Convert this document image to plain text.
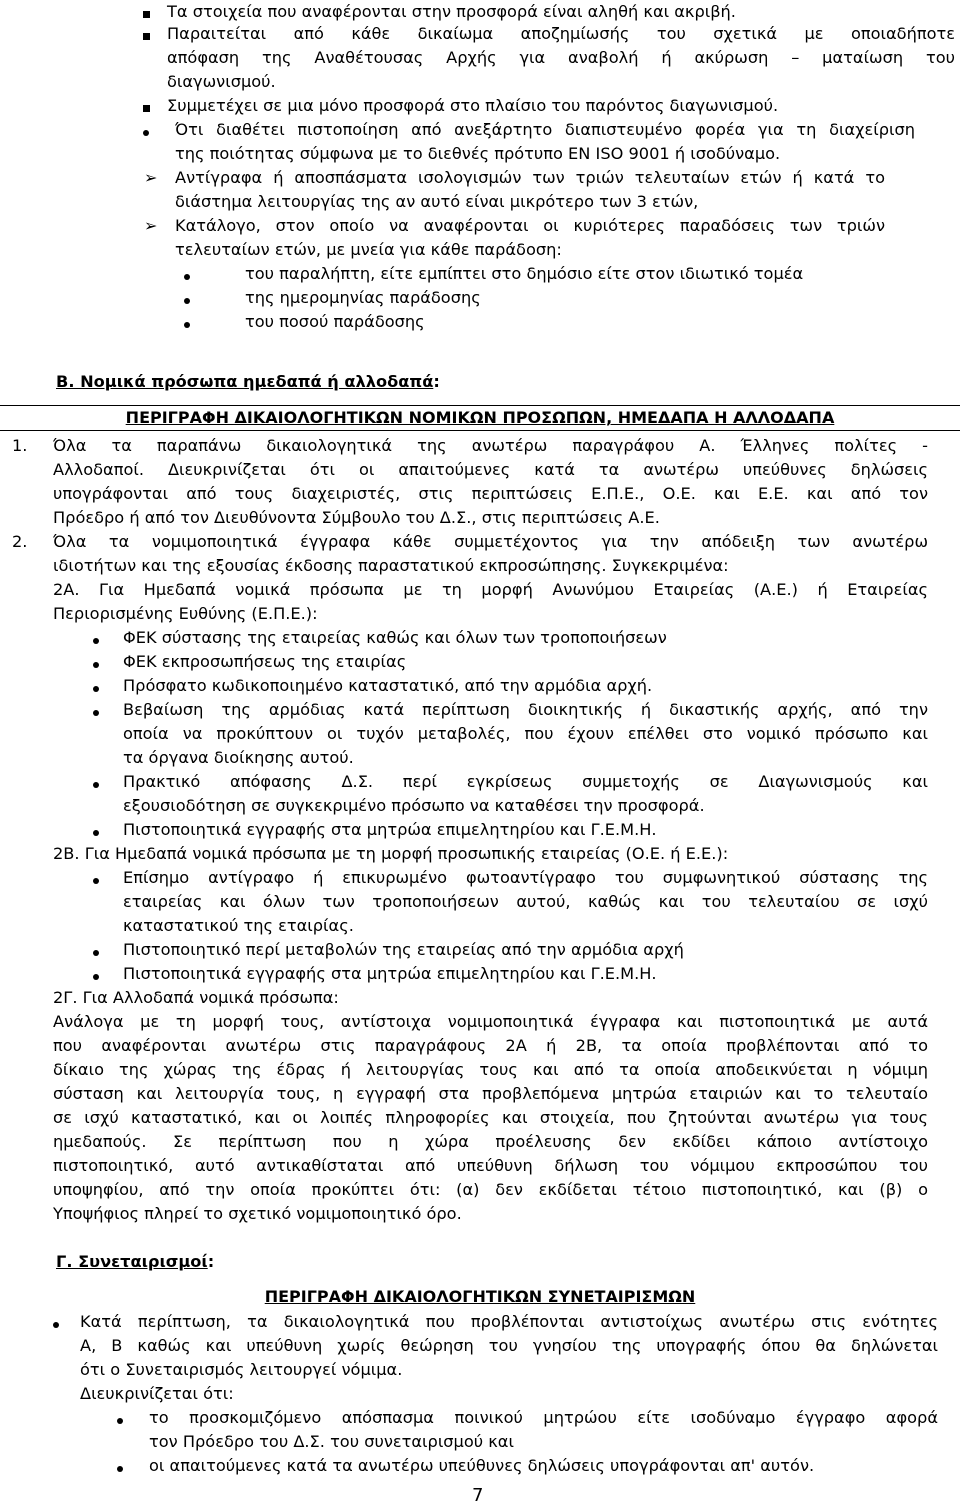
Τα στοιχεία που αναφέρονται στην προσφορά είναι αληθή και ακριβή.
Παραιτείται από κάθε δικαίωμα αποζημίωσής του σχετικά με οποιαδήποτε
απόφαση της Αναθέτουσας Αρχής για αναβολή ή ακύρωση – ματαίωση του
διαγωνισμού.
Συμμετέχει σε μια μόνο προσφορά στο πλαίσιο του παρόντος διαγωνισμού.
Ότι διαθέτει πιστοποίηση από ανεξάρτητο διαπιστευμένο φορέα για τη διαχείριση
της ποιότητας σύμφωνα με το διεθνές πρότυπο EN ISO 9001 ή ισοδύναμο.
➢ Αντίγραφα ή αποσπάσματα ισολογισμών των τριών τελευταίων ετών ή κατά το
διάστημα λειτουργίας της αν αυτό είναι μικρότερο των 3 ετών,
➢ Κατάλογο, στον οποίο να αναφέρονται οι κυριότερες παραδόσεις των τριών
τελευταίων ετών, με μνεία για κάθε παράδοση:
του παραλήπτη, είτε εμπίπτει στο δημόσιο είτε στον ιδιωτικό τομέα
της ημερομηνίας παράδοσης
του ποσού παράδοσης
Β. Νομικά πρόσωπα ημεδαπά ή αλλοδαπά:
ΠΕΡΙΓΡΑΦΗ ΔΙΚΑΙΟΛΟΓΗΤΙΚΩΝ ΝΟΜΙΚΩΝ ΠΡΟΣΩΠΩΝ, ΗΜΕΔΑΠΑ Η ΑΛΛΟΔΑΠΑ
1. Όλα τα παραπάνω δικαιολογητικά της ανωτέρω παραγράφου Α. Έλληνες πολίτες -
Αλλοδαποί. Διευκρινίζεται ότι οι απαιτούμενες κατά τα ανωτέρω υπεύθυνες δηλώσεις
υπογράφονται από τους διαχειριστές, στις περιπτώσεις Ε.Π.Ε., Ο.Ε. και Ε.Ε. και από τον
Πρόεδρο ή από τον Διευθύνοντα Σύμβουλο του Δ.Σ., στις περιπτώσεις Α.Ε.
2. Όλα τα νομιμοποιητικά έγγραφα κάθε συμμετέχοντος για την απόδειξη των ανωτέρω
ιδιοτήτων και της εξουσίας έκδοσης παραστατικού εκπροσώπησης. Συγκεκριμένα:
2Α. Για Ημεδαπά νομικά πρόσωπα με τη μορφή Ανωνύμου Εταιρείας (Α.Ε.) ή Εταιρείας
Περιορισμένης Ευθύνης (Ε.Π.Ε.):
ΦΕΚ σύστασης της εταιρείας καθώς και όλων των τροποποιήσεων
ΦΕΚ εκπροσωπήσεως της εταιρίας
Πρόσφατο κωδικοποιημένο καταστατικό, από την αρμόδια αρχή.
Βεβαίωση της αρμόδιας κατά περίπτωση διοικητικής ή δικαστικής αρχής, από την
οποία να προκύπτουν οι τυχόν μεταβολές, που έχουν επέλθει στο νομικό πρόσωπο και
τα όργανα διοίκησης αυτού.
Πρακτικό απόφασης Δ.Σ. περί εγκρίσεως συμμετοχής σε Διαγωνισμούς και
εξουσιοδότηση σε συγκεκριμένο πρόσωπο να καταθέσει την προσφορά.
Πιστοποιητικά εγγραφής στα μητρώα επιμελητηρίου και Γ.Ε.Μ.Η.
2Β. Για Ημεδαπά νομικά πρόσωπα με τη μορφή προσωπικής εταιρείας (Ο.Ε. ή Ε.Ε.):
Επίσημο αντίγραφο ή επικυρωμένο φωτοαντίγραφο του συμφωνητικού σύστασης της
εταιρείας και όλων των τροποποιήσεων αυτού, καθώς και του τελευταίου σε ισχύ
καταστατικού της εταιρίας.
Πιστοποιητικό περί μεταβολών της εταιρείας από την αρμόδια αρχή
Πιστοποιητικά εγγραφής στα μητρώα επιμελητηρίου και Γ.Ε.Μ.Η.
2Γ. Για Αλλοδαπά νομικά πρόσωπα:
Ανάλογα με τη μορφή τους, αντίστοιχα νομιμοποιητικά έγγραφα και πιστοποιητικά με αυτά
που αναφέρονται ανωτέρω στις παραγράφους 2Α ή 2Β, τα οποία προβλέπονται από το
δίκαιο της χώρας της έδρας ή λειτουργίας τους και από τα οποία αποδεικνύεται η νόμιμη
σύσταση και λειτουργία τους, η εγγραφή στα προβλεπόμενα μητρώα εταιριών και το τελευταίο
σε ισχύ καταστατικό, και οι λοιπές πληροφορίες και στοιχεία, που ζητούνται ανωτέρω για τους
ημεδαπούς. Σε περίπτωση που η χώρα προέλευσης δεν εκδίδει κάποιο αντίστοιχο
πιστοποιητικό, αυτό αντικαθίσταται από υπεύθυνη δήλωση του νόμιμου εκπροσώπου του
υποψηφίου, από την οποία προκύπτει ότι: (α) δεν εκδίδεται τέτοιο πιστοποιητικό, και (β) ο
Υποψήφιος πληρεί το σχετικό νομιμοποιητικό όρο.
Γ. Συνεταιρισμοί:
ΠΕΡΙΓΡΑΦΗ ΔΙΚΑΙΟΛΟΓΗΤΙΚΩΝ ΣΥΝΕΤΑΙΡΙΣΜΩΝ
Κατά περίπτωση, τα δικαιολογητικά που προβλέπονται αντιστοίχως ανωτέρω στις ενότητες
Α, Β καθώς και υπεύθυνη χωρίς θεώρηση του γνησίου της υπογραφής όπου θα δηλώνεται
ότι ο Συνεταιρισμός λειτουργεί νόμιμα.
Διευκρινίζεται ότι:
το προσκομιζόμενο απόσπασμα ποινικού μητρώου είτε ισοδύναμο έγγραφο αφορά
τον Πρόεδρο του Δ.Σ. του συνεταιρισμού και
οι απαιτούμενες κατά τα ανωτέρω υπεύθυνες δηλώσεις υπογράφονται απ' αυτόν.
7
